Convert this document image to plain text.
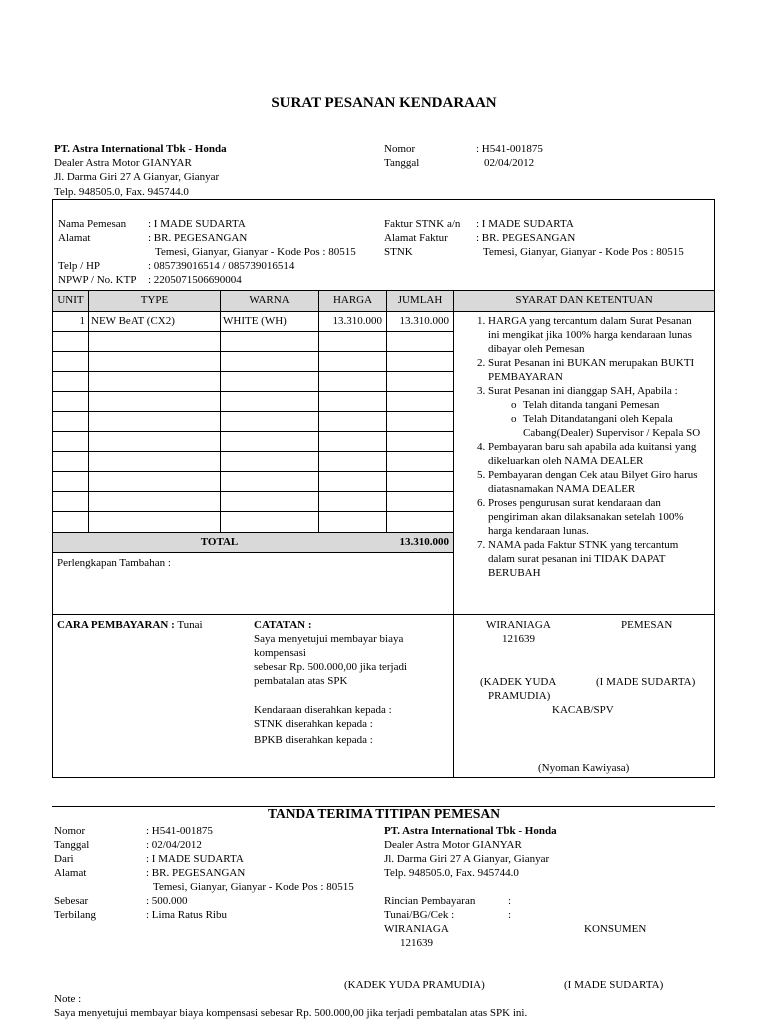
SURAT PESANAN KENDARAAN
PT. Astra International Tbk - Honda
Dealer Astra Motor GIANYAR
Jl. Darma Giri 27 A Gianyar, Gianyar
Telp. 948505.0, Fax. 945744.0
Nomor	: H541-001875
Tanggal	02/04/2012
Nama Pemesan : I MADE SUDARTA
Alamat	: BR. PEGESANGAN
Temesi, Gianyar, Gianyar - Kode Pos : 80515
Telp / HP	: 085739016514 / 085739016514
NPWP / No. KTP : 2205071506690004
Faktur STNK a/n : I MADE SUDARTA
Alamat Faktur	: BR. PEGESANGAN
STNK	Temesi, Gianyar, Gianyar - Kode Pos : 80515
UNIT	TYPE	WARNA	HARGA	JUMLAH	SYARAT DAN KETENTUAN
1 NEW BeAT (CX2)	WHITE (WH)	13.310.000	13.310.000
TOTAL	13.310.000
Perlengkapan Tambahan :
1. HARGA yang tercantum dalam Surat Pesanan
ini mengikat jika 100% harga kendaraan lunas
dibayar oleh Pemesan
2. Surat Pesanan ini BUKAN merupakan BUKTI
PEMBAYARAN
3. Surat Pesanan ini dianggap SAH, Apabila :
o Telah ditanda tangani Pemesan
o Telah Ditandatangani oleh Kepala
Cabang(Dealer) Supervisor / Kepala SO
4. Pembayaran baru sah apabila ada kuitansi yang
dikeluarkan oleh NAMA DEALER
5. Pembayaran dengan Cek atau Bilyet Giro harus
diatasnamakan NAMA DEALER
6. Proses pengurusan surat kendaraan dan
pengiriman akan dilaksanakan setelah 100%
harga kendaraan lunas.
7. NAMA pada Faktur STNK yang tercantum
dalam surat pesanan ini TIDAK DAPAT
BERUBAH
CARA PEMBAYARAN : Tunai	CATATAN :
Saya menyetujui membayar biaya
kompensasi
sebesar Rp. 500.000,00 jika terjadi
pembatalan atas SPK
Kendaraan diserahkan kepada :
STNK diserahkan kepada :
BPKB diserahkan kepada :
WIRANIAGA	PEMESAN
121639
(KADEK YUDA
PRAMUDIA)
(I MADE SUDARTA)
KACAB/SPV
(Nyoman Kawiyasa)
TANDA TERIMA TITIPAN PEMESAN
Nomor	: H541-001875
Tanggal	: 02/04/2012
Dari	: I MADE SUDARTA
Alamat	: BR. PEGESANGAN
Temesi, Gianyar, Gianyar - Kode Pos : 80515
Sebesar	: 500.000
Terbilang	: Lima Ratus Ribu
PT. Astra International Tbk - Honda
Dealer Astra Motor GIANYAR
Jl. Darma Giri 27 A Gianyar, Gianyar
Telp. 948505.0, Fax. 945744.0
Rincian Pembayaran	:
Tunai/BG/Cek :	:
WIRANIAGA
121639
KONSUMEN
(KADEK YUDA PRAMUDIA)	(I MADE SUDARTA)
Note :
Saya menyetujui membayar biaya kompensasi sebesar Rp. 500.000,00 jika terjadi pembatalan atas SPK ini.
